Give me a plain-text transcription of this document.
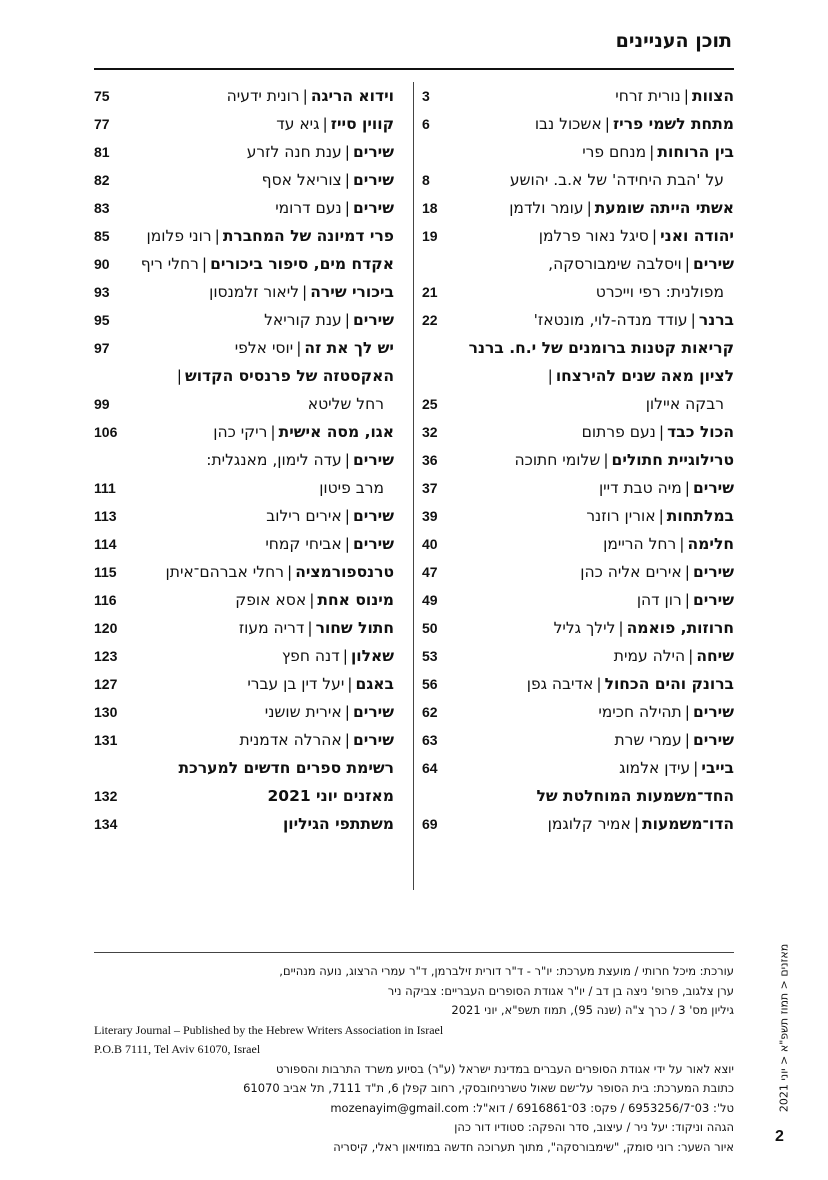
תוכן העניינים
הצוות|נורית זרחי
3
מתחת לשמי פריז|אשכול נבו
6
בין הרוחות|מנחם פרי
על 'הבת היחידה' של א.ב. יהושע
8
אשתי הייתה שומעת|עומר ולדמן
18
יהודה ואני|סיגל נאור פרלמן
19
שירים|ויסלבה שימבורסקה,
מפולנית: רפי וייכרט
21
ברנר|עודד מנדה-לוי, מונטאז'
22
קריאות קטנות ברומנים של י.ח. ברנר לציון מאה שנים להירצחו|
רבקה איילון
25
הכול כבד|נעם פרתום
32
טרילוגיית חתולים|שלומי חתוכה
36
שירים|מיה טבת דיין
37
במלתחות|אורין רוזנר
39
חלימה|רחל הריימן
40
שירים|אירים אליה כהן
47
שירים|רון דהן
49
חרוזות, פואמה|לילך גליל
50
שיחה|הילה עמית
53
ברונק והים הכחול|אדיבה גפן
56
שירים|תהילה חכימי
62
שירים|עמרי שרת
63
בייבי|עידן אלמוג
64
החד־משמעות המוחלטת של הדו־משמעות|אמיר קלוגמן
69
וידוא הריגה|רונית ידעיה
75
קווין סייז|גיא עד
77
שירים|ענת חנה לזרע
81
שירים|צוריאל אסף
82
שירים|נעם דרומי
83
פרי דמיונה של המחברת|רוני פלומן
85
אקדח מים, סיפור ביכורים|רחלי ריף
90
ביכורי שירה|ליאור זלמנסון
93
שירים|ענת קוריאל
95
יש לך את זה|יוסי אלפי
97
האקסטזה של פרנסיס הקדוש|
רחל שליטא
99
אגו, מסה אישית|ריקי כהן
106
שירים|עדה לימון, מאנגלית:
מרב פיטון
111
שירים|אירים רילוב
113
שירים|אביחי קמחי
114
טרנספורמציה|רחלי אברהם־איתן
115
מינוס אחת|אסא אופק
116
חתול שחור|דריה מעוז
120
שאלון|דנה חפץ
123
באגם|יעל דין בן עברי
127
שירים|אירית שושני
130
שירים|אהרלה אדמנית
131
רשימת ספרים חדשים למערכת מאזנים יוני 2021
132
משתתפי הגיליון
134
עורכת: מיכל חרותי / מועצת מערכת: יו"ר - ד"ר דורית זילברמן, ד"ר עמרי הרצוג, נועה מנהיים,
ערן צלגוב, פרופ' ניצה בן דב / יו"ר אגודת הסופרים העבריים: צביקה ניר
גיליון מס' 3 / כרך צ"ה (שנה 95), תמוז תשפ"א, יוני 2021
Literary Journal – Published by the Hebrew Writers Association in Israel
P.O.B 7111, Tel Aviv 61070, Israel
יוצא לאור על ידי אגודת הסופרים העברים במדינת ישראל (ע"ר) בסיוע משרד התרבות והספורט
כתובת המערכת: בית הסופר על־שם שאול טשרניחובסקי, רחוב קפלן 6, ת"ד 7111, תל אביב 61070
טל': 03־6953256/7 / פקס: 03־6916861 / דוא"ל: mozenayim@gmail.com
הגהה וניקוד: יעל ניר / עיצוב, סדר והפקה: סטודיו דור כהן
איור השער: רוני סומק, "שימבורסקה", מתוך תערוכה חדשה במוזיאון ראלי, קיסריה
מאזנים < תמוז תשפ"א < יוני 2021
2
